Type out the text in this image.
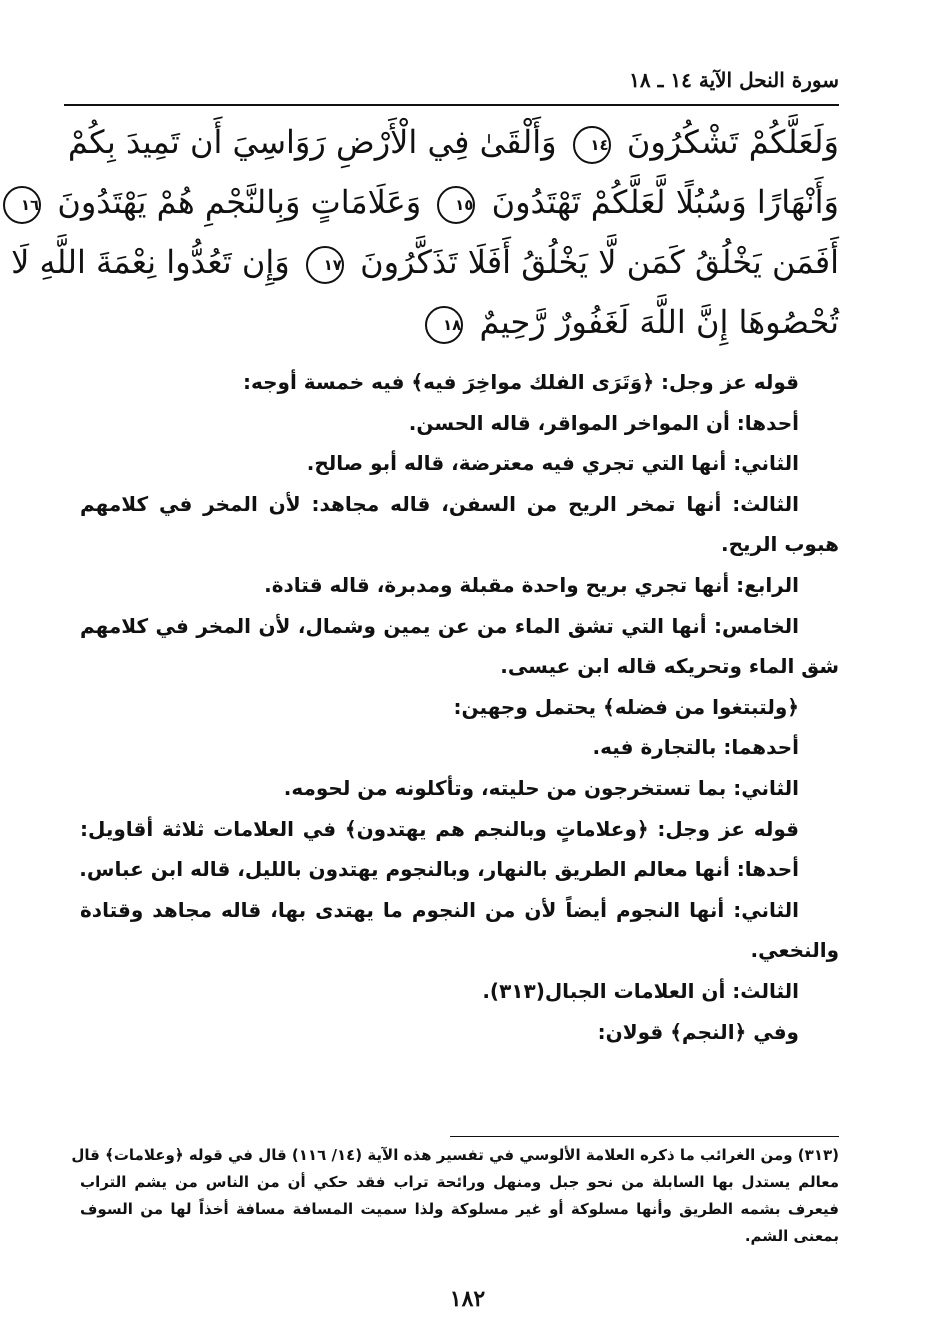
سورة النحل الآية ١٤ ـ ١٨
وَلَعَلَّكُمْ تَشْكُرُونَ ١٤ وَأَلْقَىٰ فِي الْأَرْضِ رَوَاسِيَ أَن تَمِيدَ بِكُمْ
وَأَنْهَارًا وَسُبُلًا لَّعَلَّكُمْ تَهْتَدُونَ ١٥ وَعَلَامَاتٍ وَبِالنَّجْمِ هُمْ يَهْتَدُونَ ١٦
أَفَمَن يَخْلُقُ كَمَن لَّا يَخْلُقُ أَفَلَا تَذَكَّرُونَ ١٧ وَإِن تَعُدُّوا نِعْمَةَ اللَّهِ لَا
تُحْصُوهَا إِنَّ اللَّهَ لَغَفُورٌ رَّحِيمٌ ١٨
قوله عز وجل: ﴿وَتَرَى الفلك مواخِرَ فيه﴾ فيه خمسة أوجه:
أحدها: أن المواخر المواقر، قاله الحسن.
الثاني: أنها التي تجري فيه معترضة، قاله أبو صالح.
الثالث: أنها تمخر الريح من السفن، قاله مجاهد: لأن المخر في كلامهم
هبوب الريح.
الرابع: أنها تجري بريح واحدة مقبلة ومدبرة، قاله قتادة.
الخامس: أنها التي تشق الماء من عن يمين وشمال، لأن المخر في كلامهم
شق الماء وتحريكه قاله ابن عيسى.
﴿ولتبتغوا من فضله﴾ يحتمل وجهين:
أحدهما: بالتجارة فيه.
الثاني: بما تستخرجون من حليته، وتأكلونه من لحومه.
قوله عز وجل: ﴿وعلاماتٍ وبالنجم هم يهتدون﴾ في العلامات ثلاثة أقاويل:
أحدها: أنها معالم الطريق بالنهار، وبالنجوم يهتدون بالليل، قاله ابن عباس.
الثاني: أنها النجوم أيضاً لأن من النجوم ما يهتدى بها، قاله مجاهد وقتادة
والنخعي.
الثالث: أن العلامات الجبال(٣١٣).
وفي ﴿النجم﴾ قولان:
(٣١٣) ومن الغرائب ما ذكره العلامة الألوسي في تفسير هذه الآية (١٤/ ١١٦) قال في قوله ﴿وعلامات﴾ قال
معالم يستدل بها السابلة من نحو جبل ومنهل ورائحة تراب فقد حكي أن من الناس من يشم التراب
فيعرف بشمه الطريق وأنها مسلوكة أو غير مسلوكة ولذا سميت المسافة مسافة أخذاً لها من السوف
بمعنى الشم.
١٨٢
